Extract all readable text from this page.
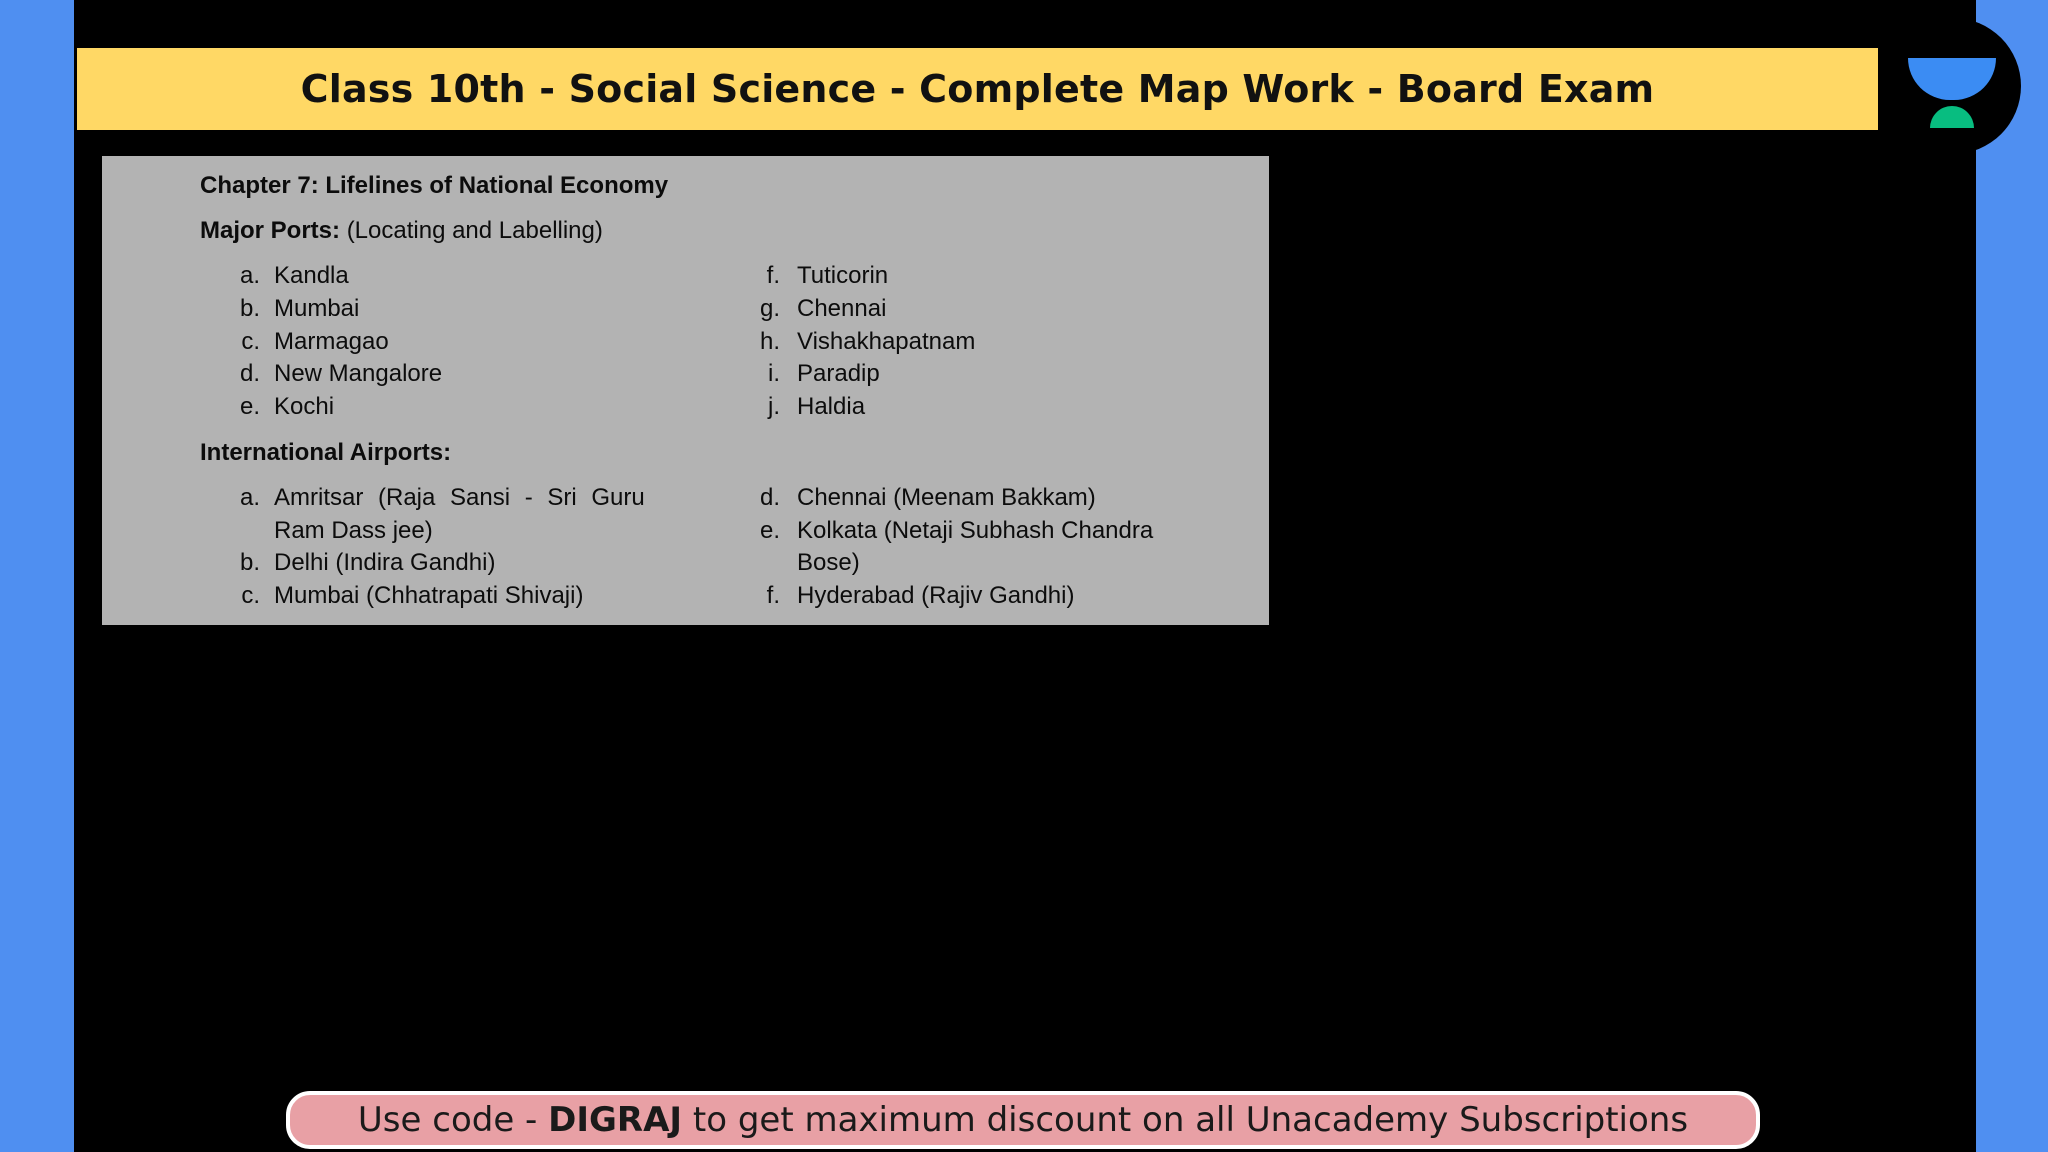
Class 10th - Social Science - Complete Map Work - Board Exam
Chapter 7: Lifelines of National Economy
Major Ports: (Locating and Labelling)
a. Kandla
b. Mumbai
c. Marmagao
d. New Mangalore
e. Kochi
f. Tuticorin
g. Chennai
h. Vishakhapatnam
i. Paradip
j. Haldia
International Airports:
a. Amritsar (Raja Sansi - Sri Guru
Ram Dass jee)
b. Delhi (Indira Gandhi)
c. Mumbai (Chhatrapati Shivaji)
d. Chennai (Meenam Bakkam)
e. Kolkata (Netaji Subhash Chandra
Bose)
f. Hyderabad (Rajiv Gandhi)
Use code - DIGRAJ to get maximum discount on all Unacademy Subscriptions
